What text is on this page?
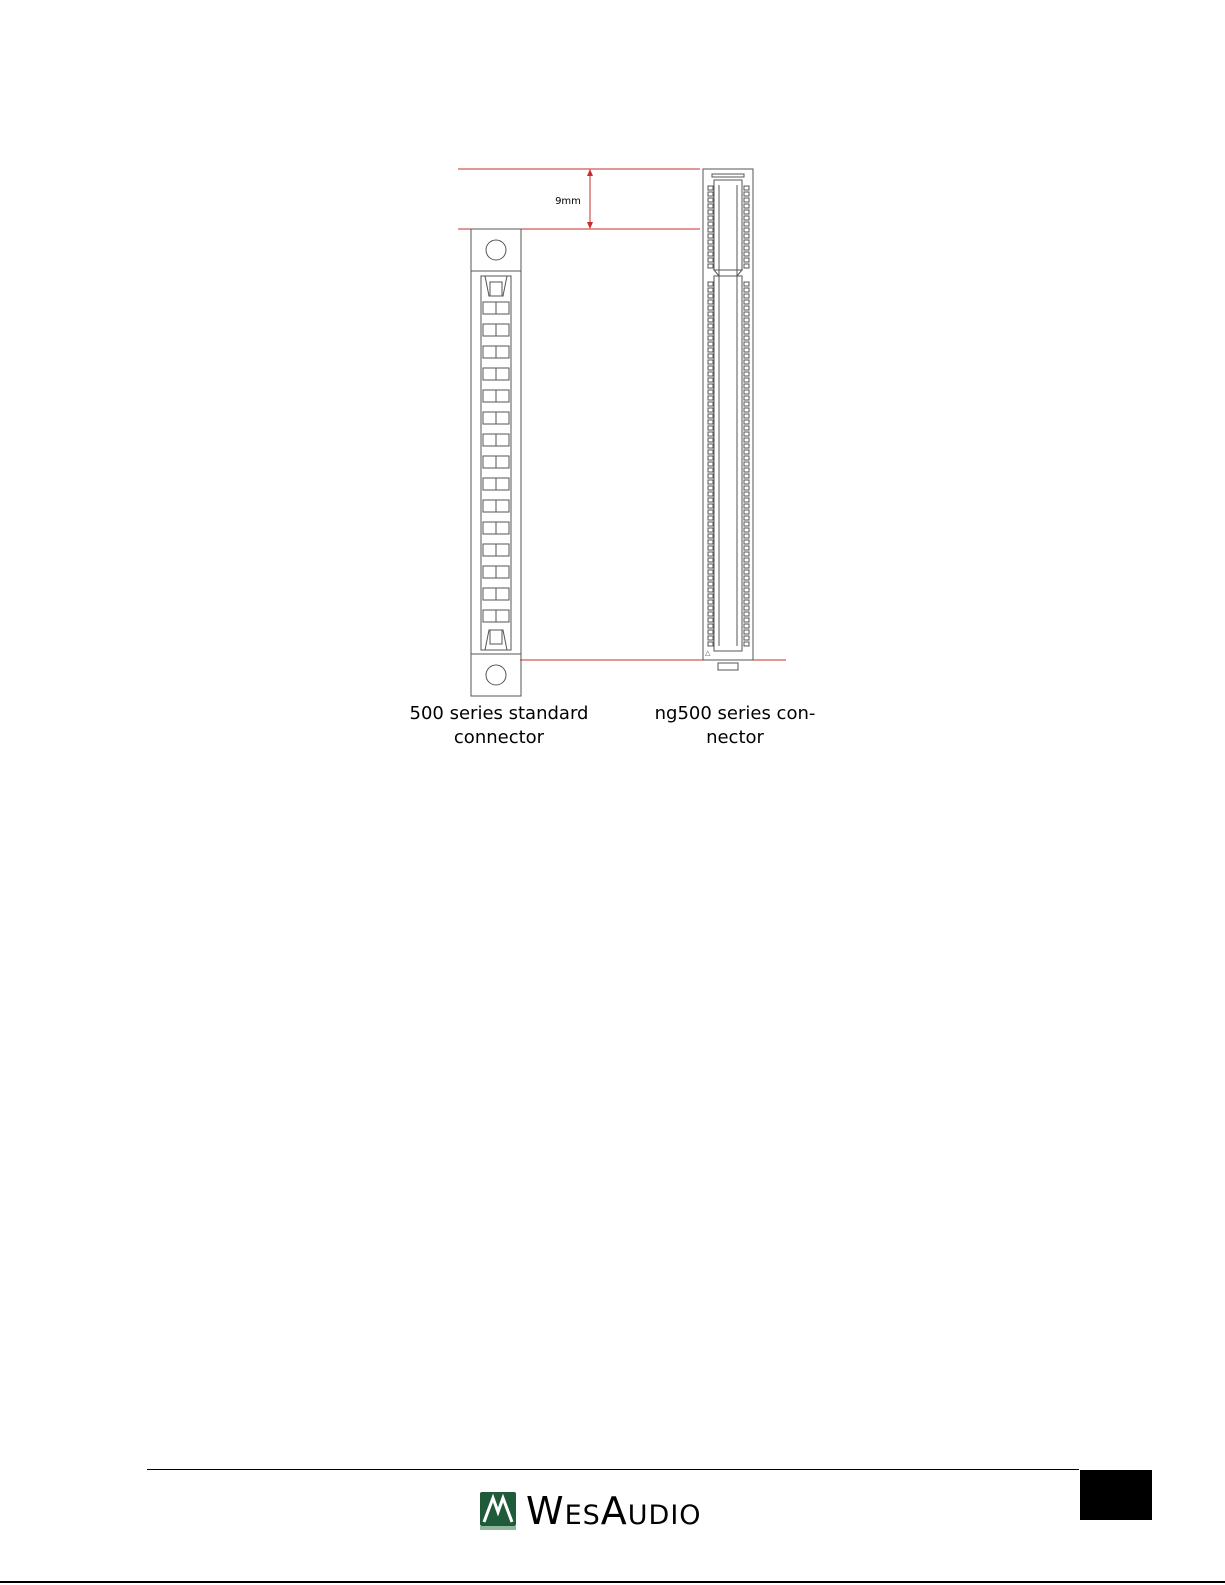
9mm
△
500 series standard
connector
ng500 series con-
nector
WesAudio
